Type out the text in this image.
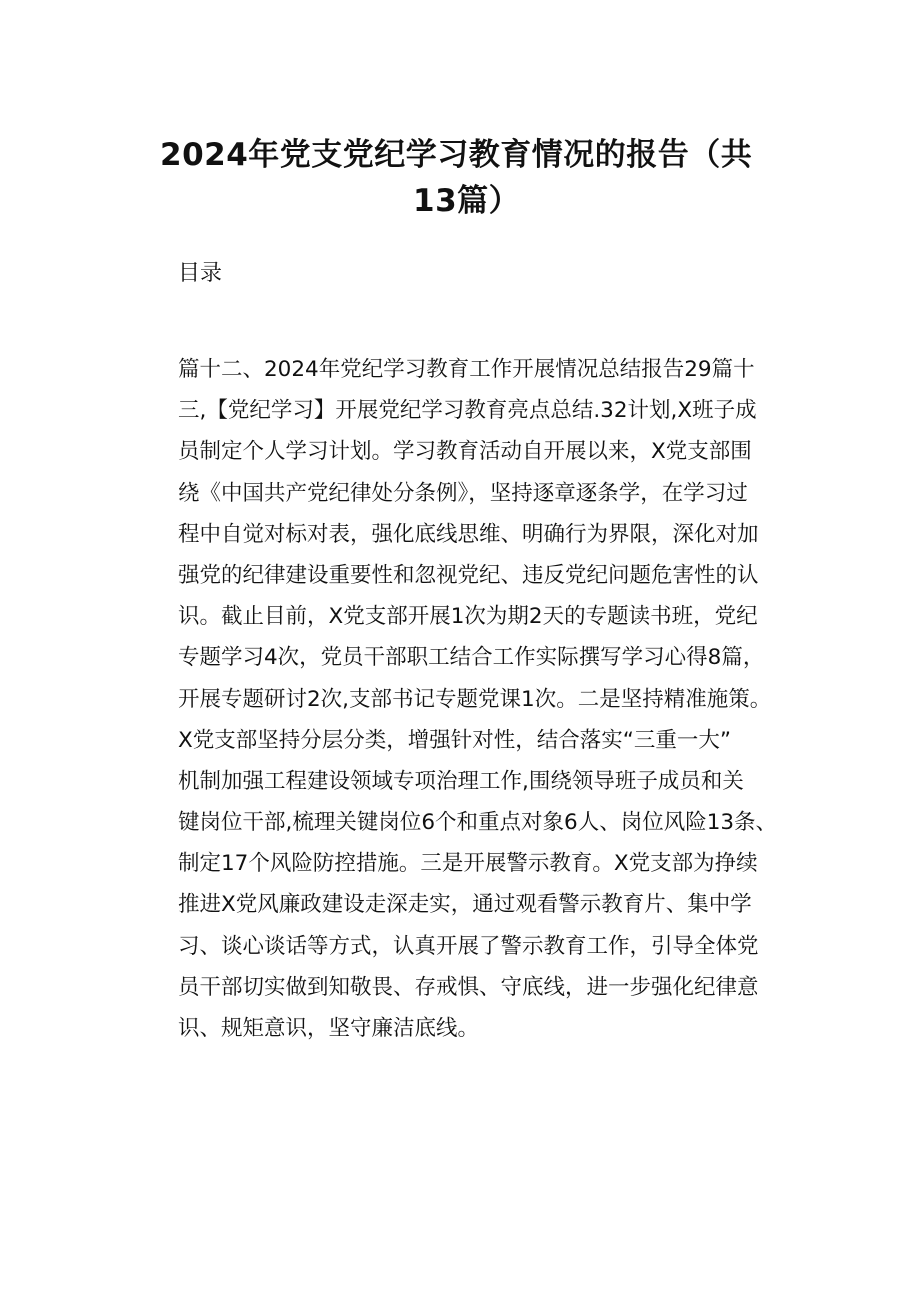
2024年党支党纪学习教育情况的报告（共
13篇）
目录
篇十二、2024年党纪学习教育工作开展情况总结报告29篇十
三,【党纪学习】开展党纪学习教育亮点总结.32计划,X班子成
员制定个人学习计划。学习教育活动自开展以来，X党支部围
绕《中国共产党纪律处分条例》，坚持逐章逐条学，在学习过
程中自觉对标对表，强化底线思维、明确行为界限，深化对加
强党的纪律建设重要性和忽视党纪、违反党纪问题危害性的认
识。截止目前，X党支部开展1次为期2天的专题读书班，党纪
专题学习4次，党员干部职工结合工作实际撰写学习心得8篇，
开展专题研讨2次,支部书记专题党课1次。二是坚持精准施策。
X党支部坚持分层分类，增强针对性，结合落实“三重一大”
机制加强工程建设领域专项治理工作,围绕领导班子成员和关
键岗位干部,梳理关键岗位6个和重点对象6人、岗位风险13条、
制定17个风险防控措施。三是开展警示教育。X党支部为挣续
推进X党风廉政建设走深走实，通过观看警示教育片、集中学
习、谈心谈话等方式，认真开展了警示教育工作，引导全体党
员干部切实做到知敬畏、存戒惧、守底线，进一步强化纪律意
识、规矩意识，坚守廉洁底线。
